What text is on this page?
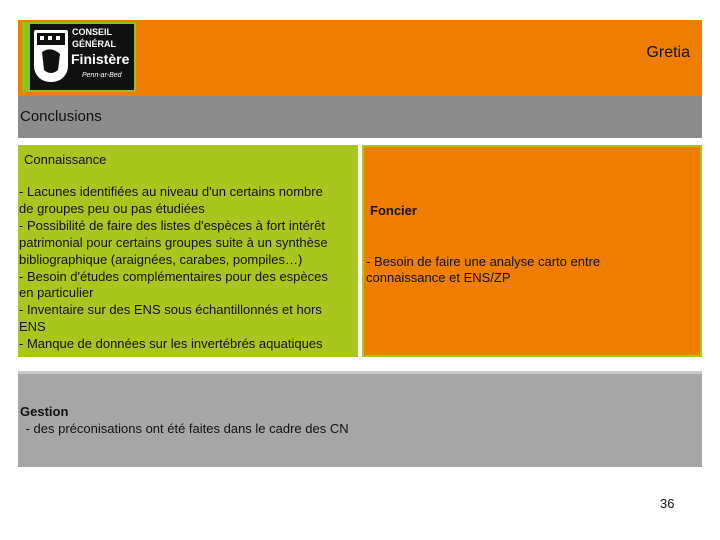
CONSEIL
GÉNÉRAL
Finistère
Penn-ar-Bed
Gretia
Conclusions
Connaissance
- Lacunes identifiées au niveau d'un certains nombre
de groupes peu ou pas étudiées
- Possibilité de faire des listes d'espèces à fort intérêt
patrimonial pour certains groupes suite à un synthèse
bibliographique (araignées, carabes, pompiles…)
- Besoin d'études complémentaires pour des espèces
en particulier
- Inventaire sur des ENS sous échantillonnés et hors
ENS
- Manque de données sur les invertébrés aquatiques
Foncier
- Besoin de faire une analyse carto entre
connaissance et ENS/ZP
Gestion
- des préconisations ont été faites dans le cadre des CN
36
